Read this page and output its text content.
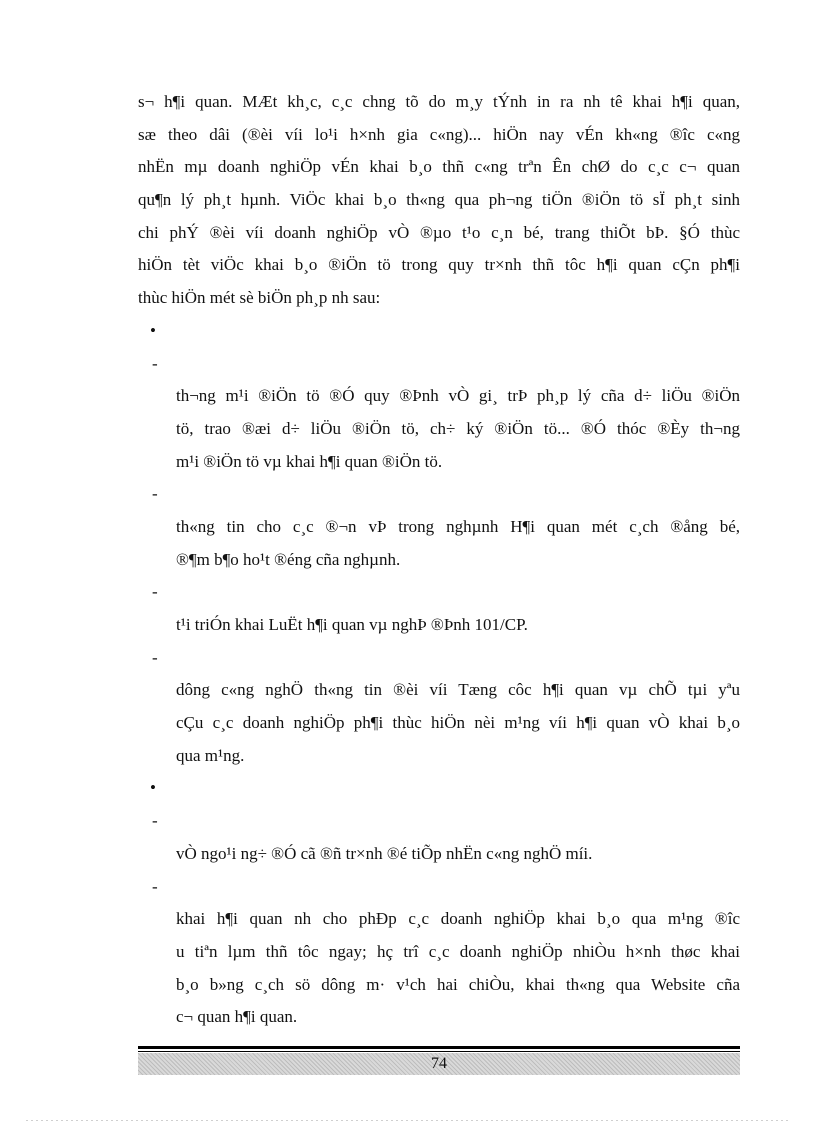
s¬ h¶i quan. MÆt kh¸c, c¸c chng tõ do m¸y tÝnh in ra nh tê khai h¶i quan,
sæ theo dâi (®èi víi lo¹i h×nh gia c«ng)... hiÖn nay vÉn kh«ng ®îc c«ng
nhËn mµ doanh nghiÖp vÉn khai b¸o thñ c«ng trªn Ên chØ do c¸c c¬ quan
qu¶n lý ph¸t hµnh. ViÖc khai b¸o th«ng qua ph¬ng tiÖn ®iÖn tö sÏ ph¸t sinh
chi phÝ ®èi víi doanh nghiÖp vÒ ®µo t¹o c¸n bé, trang thiÕt bÞ. §Ó thùc
hiÖn tèt viÖc khai b¸o ®iÖn tö trong quy tr×nh thñ tôc h¶i quan cÇn ph¶i
thùc hiÖn mét sè biÖn ph¸p nh sau:

•

-

th¬ng m¹i ®iÖn tö ®Ó quy ®Þnh vÒ gi¸ trÞ ph¸p lý cña d÷ liÖu ®iÖn
tö, trao ®æi d÷ liÖu ®iÖn tö, ch÷ ký ®iÖn tö... ®Ó thóc ®Èy th¬ng
m¹i ®iÖn tö vµ khai h¶i quan ®iÖn tö.

-

th«ng tin cho c¸c ®¬n vÞ trong nghµnh H¶i quan mét c¸ch ®ång bé,
®¶m b¶o ho¹t ®éng cña nghµnh.

-

t¹i triÓn khai LuËt h¶i quan vµ nghÞ ®Þnh 101/CP.

-

dông c«ng nghÖ th«ng tin ®èi víi Tæng côc h¶i quan vµ chÕ tµi yªu
cÇu c¸c doanh nghiÖp ph¶i thùc hiÖn nèi m¹ng víi h¶i quan vÒ khai b¸o
qua m¹ng.

•

-

vÒ ngo¹i ng÷ ®Ó cã ®ñ tr×nh ®é tiÕp nhËn c«ng nghÖ míi.

-

khai h¶i quan nh cho phÐp c¸c doanh nghiÖp khai b¸o qua m¹ng ®îc
u tiªn lµm thñ tôc ngay; hç trî c¸c doanh nghiÖp nhiÒu h×nh thøc khai
b¸o b»ng c¸ch sö dông m· v¹ch hai chiÒu, khai th«ng qua Website cña
c¬ quan h¶i quan.
74
